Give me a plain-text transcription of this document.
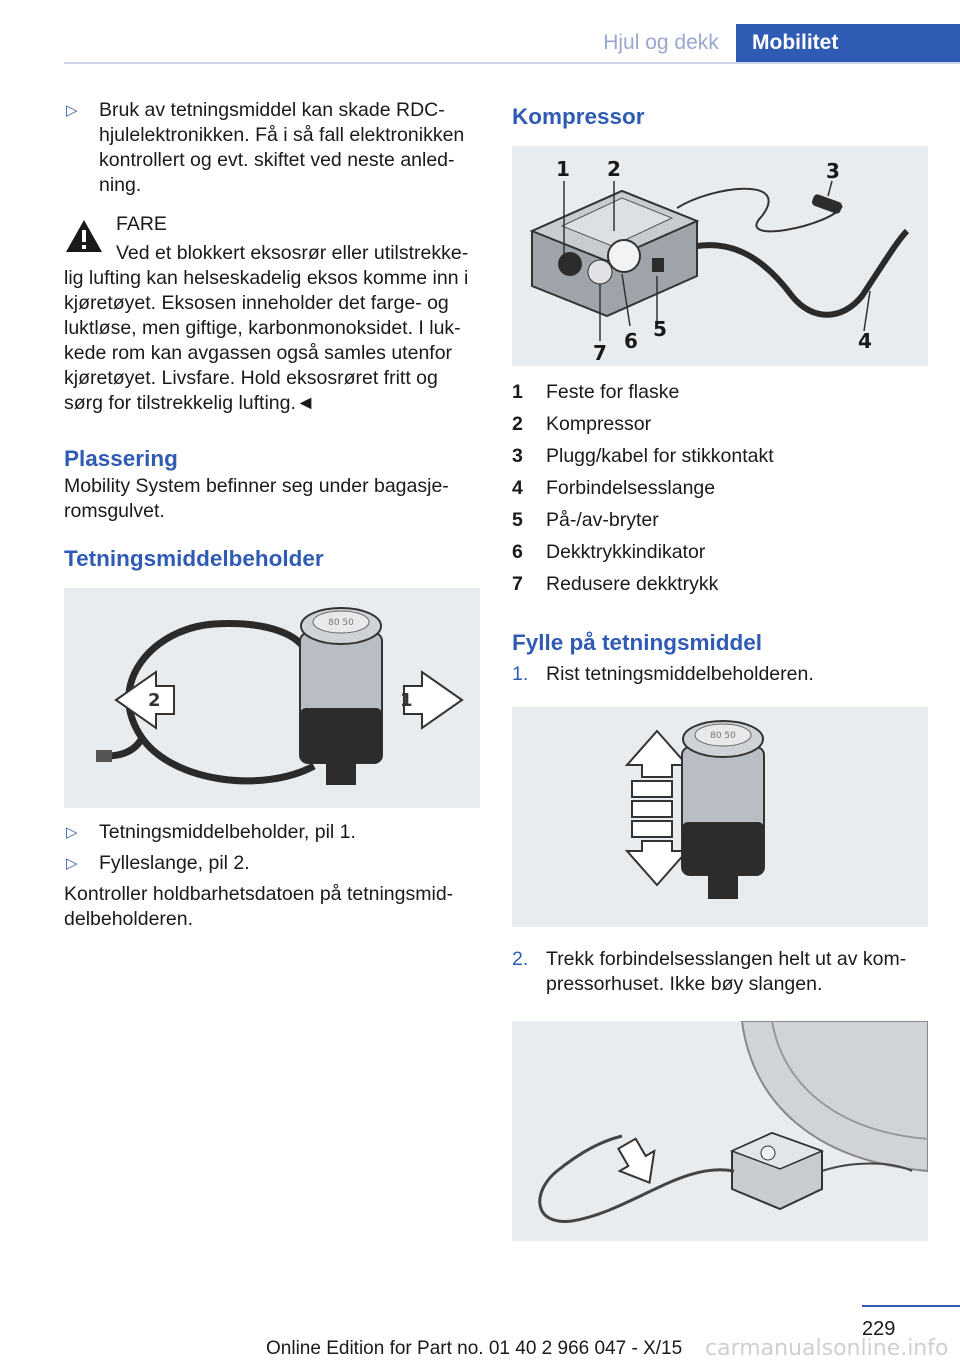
Hjul og dekk	Mobilitet
▷ Bruk av tetningsmiddel kan skade RDC-hjulelektronikken. Få i så fall elektronikken kontrollert og evt. skiftet ved neste anled-ning.
FARE
Ved et blokkert eksosrør eller utilstrekke-lig lufting kan helseskadelig eksos komme inn i kjøretøyet. Eksosen inneholder det farge- og luktløse, men giftige, karbonmonoksidet. I luk-kede rom kan avgassen også samles utenfor kjøretøyet. Livsfare. Hold eksosrøret fritt og sørg for tilstrekkelig lufting.◄
Plassering

Mobility System befinner seg under bagasje-romsgulvet.

Tetningsmiddelbeholder
80 50
2	1
▷ Tetningsmiddelbeholder, pil 1.
▷ Fylleslange, pil 2.

Kontroller holdbarhetsdatoen på tetningsmid-delbeholderen.

Kompressor
1 2	3
4
5
6
7
1	Feste for flaske
2	Kompressor
3	Plugg/kabel for stikkontakt
4	Forbindelsesslange
5	På-/av-bryter
6	Dekktrykkindikator
7	Redusere dekktrykk
Fylle på tetningsmiddel
1. Rist tetningsmiddelbeholderen.
80 50
2. Trekk forbindelsesslangen helt ut av kom-pressorhuset. Ikke bøy slangen.
229
Online Edition for Part no. 01 40 2 966 047 - X/15 carmanualsonline.info
